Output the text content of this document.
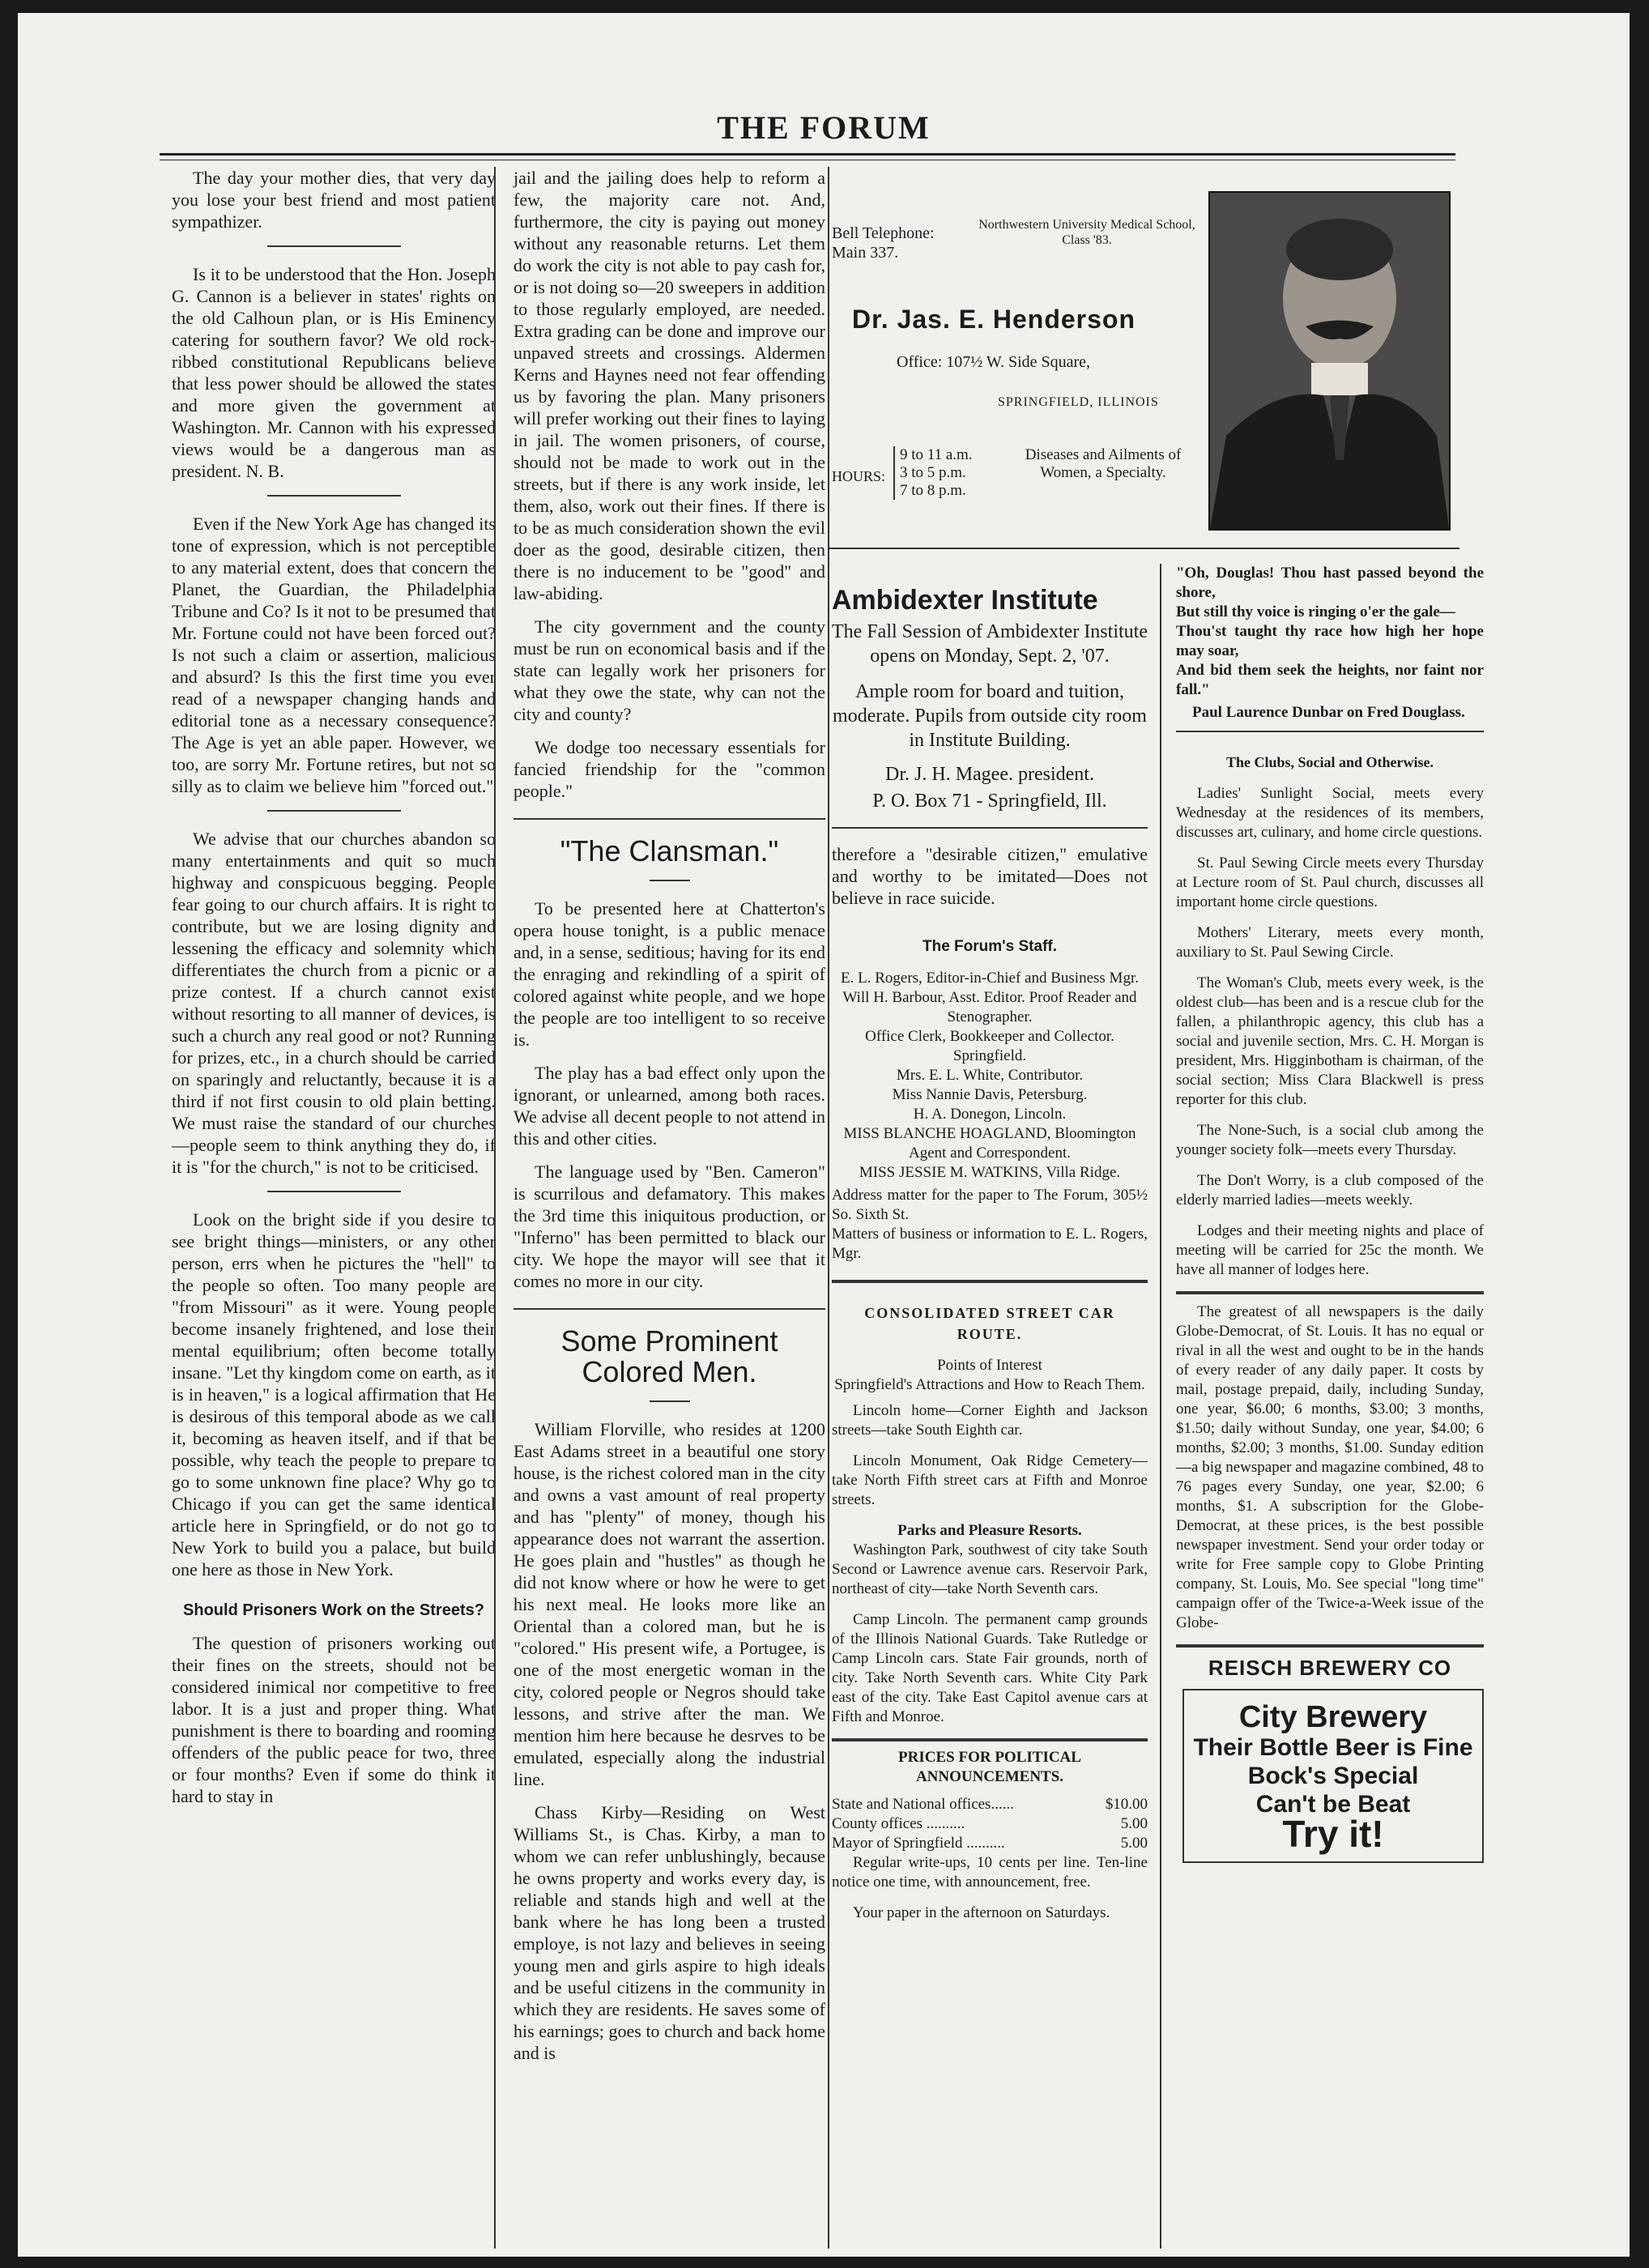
THE FORUM

The day your mother dies, that very day you lose your best friend and most patient sympathizer.

Is it to be understood that the Hon. Joseph G. Cannon is a believer in states' rights on the old Calhoun plan, or is His Eminency catering for southern favor? We old rock-ribbed constitutional Republicans believe that less power should be allowed the states and more given the government at Washington. Mr. Cannon with his expressed views would be a dangerous man as president. N. B.

Even if the New York Age has changed its tone of expression, which is not perceptible to any material extent, does that concern the Planet, the Guardian, the Philadelphia Tribune and Co? Is it not to be presumed that Mr. Fortune could not have been forced out? Is not such a claim or assertion, malicious and absurd? Is this the first time you ever read of a newspaper changing hands and editorial tone as a necessary consequence? The Age is yet an able paper. However, we too, are sorry Mr. Fortune retires, but not so silly as to claim we believe him "forced out."

We advise that our churches abandon so many entertainments and quit so much highway and conspicuous begging. People fear going to our church affairs. It is right to contribute, but we are losing dignity and lessening the efficacy and solemnity which differentiates the church from a picnic or a prize contest. If a church cannot exist without resorting to all manner of devices, is such a church any real good or not? Running for prizes, etc., in a church should be carried on sparingly and reluctantly, because it is a third if not first cousin to old plain betting. We must raise the standard of our churches—people seem to think anything they do, if it is "for the church," is not to be criticised.

Look on the bright side if you desire to see bright things—ministers, or any other person, errs when he pictures the "hell" to the people so often. Too many people are "from Missouri" as it were. Young people become insanely frightened, and lose their mental equilibrium; often become totally insane. "Let thy kingdom come on earth, as it is in heaven," is a logical affirmation that He is desirous of this temporal abode as we call it, becoming as heaven itself, and if that be possible, why teach the people to prepare to go to some unknown fine place? Why go to Chicago if you can get the same identical article here in Springfield, or do not go to New York to build you a palace, but build one here as those in New York.

Should Prisoners Work on the Streets?

The question of prisoners working out their fines on the streets, should not be considered inimical nor competitive to free labor. It is a just and proper thing. What punishment is there to boarding and rooming offenders of the public peace for two, three or four months? Even if some do think it hard to stay in

jail and the jailing does help to reform a few, the majority care not. And, furthermore, the city is paying out money without any reasonable returns. Let them do work the city is not able to pay cash for, or is not doing so—20 sweepers in addition to those regularly employed, are needed. Extra grading can be done and improve our unpaved streets and crossings. Aldermen Kerns and Haynes need not fear offending us by favoring the plan. Many prisoners will prefer working out their fines to laying in jail. The women prisoners, of course, should not be made to work out in the streets, but if there is any work inside, let them, also, work out their fines. If there is to be as much consideration shown the evil doer as the good, desirable citizen, then there is no inducement to be "good" and law-abiding.

The city government and the county must be run on economical basis and if the state can legally work her prisoners for what they owe the state, why can not the city and county?

We dodge too necessary essentials for fancied friendship for the "common people."

"The Clansman."

To be presented here at Chatterton's opera house tonight, is a public menace and, in a sense, seditious; having for its end the enraging and rekindling of a spirit of colored against white people, and we hope the people are too intelligent to so receive is.

The play has a bad effect only upon the ignorant, or unlearned, among both races. We advise all decent people to not attend in this and other cities.

The language used by "Ben. Cameron" is scurrilous and defamatory. This makes the 3rd time this iniquitous production, or "Inferno" has been permitted to black our city. We hope the mayor will see that it comes no more in our city.

Some Prominent Colored Men.

William Florville, who resides at 1200 East Adams street in a beautiful one story house, is the richest colored man in the city and owns a vast amount of real property and has "plenty" of money, though his appearance does not warrant the assertion. He goes plain and "hustles" as though he did not know where or how he were to get his next meal. He looks more like an Oriental than a colored man, but he is "colored." His present wife, a Portugee, is one of the most energetic woman in the city, colored people or Negros should take lessons, and strive after the man. We mention him here because he desrves to be emulated, especially along the industrial line.

Chass Kirby—Residing on West Williams St., is Chas. Kirby, a man to whom we can refer unblushingly, because he owns property and works every day, is reliable and stands high and well at the bank where he has long been a trusted employe, is not lazy and believes in seeing young men and girls aspire to high ideals and be useful citizens in the community in which they are residents. He saves some of his earnings; goes to church and back home and is

Bell Telephone: Main 337.
Northwestern University Medical School, Class '83.
Dr. Jas. E. Henderson
Office: 107½ W. Side Square,
SPRINGFIELD, ILLINOIS
HOURS:
9 to 11 a.m.
3 to 5 p.m.
7 to 8 p.m.
Diseases and Ailments of Women, a Specialty.
Ambidexter Institute

The Fall Session of Ambidexter Institute opens on Monday, Sept. 2, '07.

Ample room for board and tuition, moderate. Pupils from outside city room in Institute Building.

Dr. J. H. Magee. president.

P. O. Box 71 - Springfield, Ill.

therefore a "desirable citizen," emulative and worthy to be imitated—Does not believe in race suicide.

The Forum's Staff.
E. L. Rogers, Editor-in-Chief and Business Mgr.
Will H. Barbour, Asst. Editor. Proof Reader and Stenographer.
Office Clerk, Bookkeeper and Collector. Springfield.
Mrs. E. L. White, Contributor.
Miss Nannie Davis, Petersburg.
H. A. Donegon, Lincoln.
MISS BLANCHE HOAGLAND, Bloomington Agent and Correspondent.
MISS JESSIE M. WATKINS, Villa Ridge.
Address matter for the paper to The Forum, 305½ So. Sixth St.
Matters of business or information to E. L. Rogers, Mgr.
CONSOLIDATED STREET CAR ROUTE.
Points of Interest
Springfield's Attractions and How to Reach Them.

Lincoln home—Corner Eighth and Jackson streets—take South Eighth car.

Lincoln Monument, Oak Ridge Cemetery—take North Fifth street cars at Fifth and Monroe streets.

Parks and Pleasure Resorts.

Washington Park, southwest of city take South Second or Lawrence avenue cars. Reservoir Park, northeast of city—take North Seventh cars.

Camp Lincoln. The permanent camp grounds of the Illinois National Guards. Take Rutledge or Camp Lincoln cars. State Fair grounds, north of city. Take North Seventh cars. White City Park east of the city. Take East Capitol avenue cars at Fifth and Monroe.

PRICES FOR POLITICAL ANNOUNCEMENTS.
State and National offices......	$10.00
County offices ..........	5.00
Mayor of Springfield ..........	5.00

Regular write-ups, 10 cents per line. Ten-line notice one time, with announcement, free.

Your paper in the afternoon on Saturdays.

"Oh, Douglas! Thou hast passed beyond the shore,
But still thy voice is ringing o'er the gale—
Thou'st taught thy race how high her hope may soar,
And bid them seek the heights, nor faint nor fall."
Paul Laurence Dunbar on Fred Douglass.
The Clubs, Social and Otherwise.

Ladies' Sunlight Social, meets every Wednesday at the residences of its members, discusses art, culinary, and home circle questions.

St. Paul Sewing Circle meets every Thursday at Lecture room of St. Paul church, discusses all important home circle questions.

Mothers' Literary, meets every month, auxiliary to St. Paul Sewing Circle.

The Woman's Club, meets every week, is the oldest club—has been and is a rescue club for the fallen, a philanthropic agency, this club has a social and juvenile section, Mrs. C. H. Morgan is president, Mrs. Higginbotham is chairman, of the social section; Miss Clara Blackwell is press reporter for this club.

The None-Such, is a social club among the younger society folk—meets every Thursday.

The Don't Worry, is a club composed of the elderly married ladies—meets weekly.

Lodges and their meeting nights and place of meeting will be carried for 25c the month. We have all manner of lodges here.

The greatest of all newspapers is the daily Globe-Democrat, of St. Louis. It has no equal or rival in all the west and ought to be in the hands of every reader of any daily paper. It costs by mail, postage prepaid, daily, including Sunday, one year, $6.00; 6 months, $3.00; 3 months, $1.50; daily without Sunday, one year, $4.00; 6 months, $2.00; 3 months, $1.00. Sunday edition—a big newspaper and magazine combined, 48 to 76 pages every Sunday, one year, $2.00; 6 months, $1. A subscription for the Globe-Democrat, at these prices, is the best possible newspaper investment. Send your order today or write for Free sample copy to Globe Printing company, St. Louis, Mo. See special "long time" campaign offer of the Twice-a-Week issue of the Globe-

REISCH BREWERY CO
City Brewery
Their Bottle Beer is Fine
Bock's Special
Can't be Beat
Try it!
